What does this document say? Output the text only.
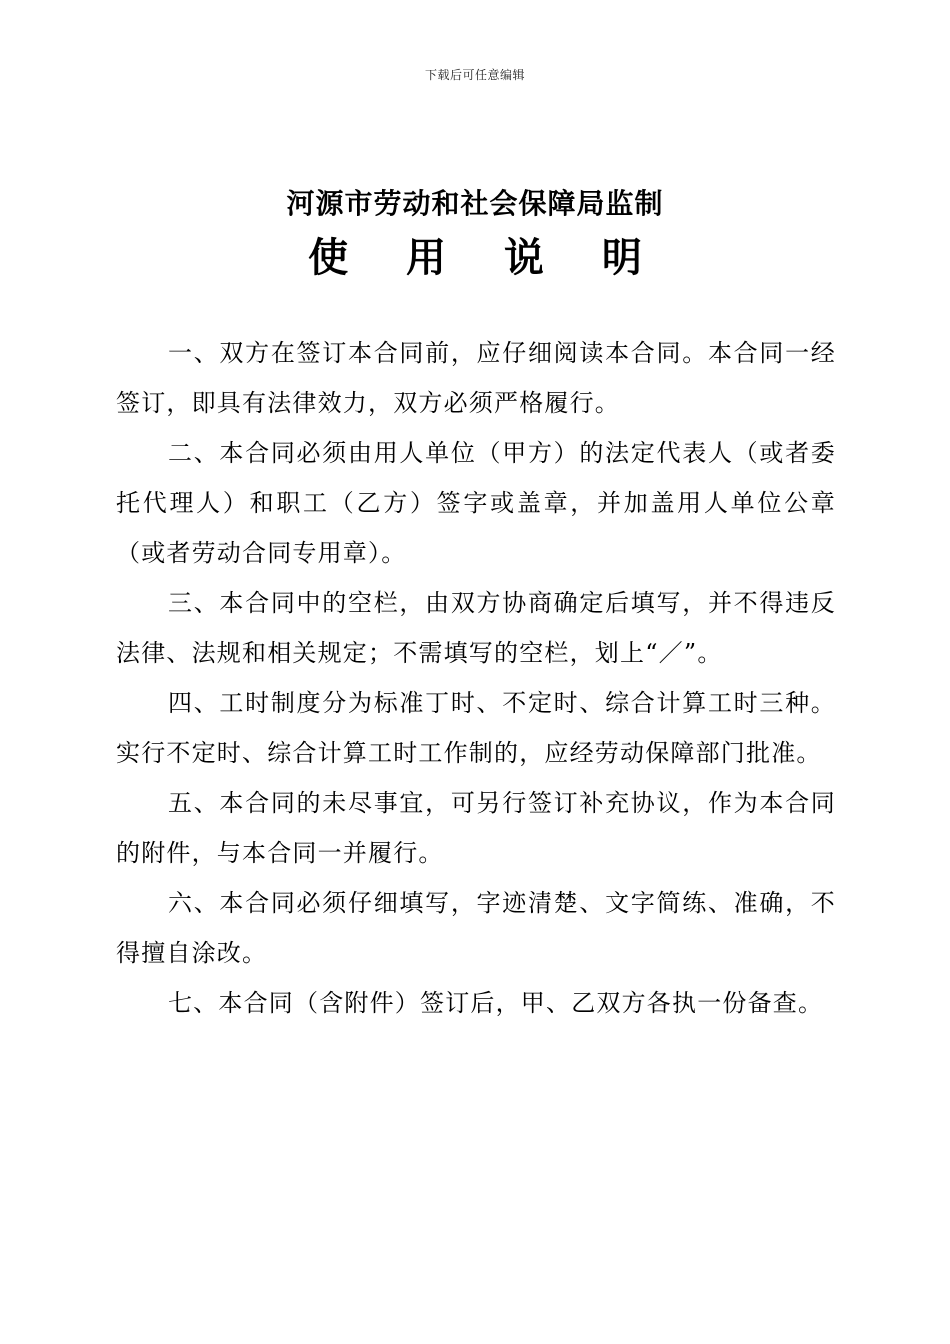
下载后可任意编辑
河源市劳动和社会保障局监制
使 用 说 明

一、双方在签订本合同前，应仔细阅读本合同。本合同一经签订，即具有法律效力，双方必须严格履行。

二、本合同必须由用人单位（甲方）的法定代表人（或者委托代理人）和职工（乙方）签字或盖章，并加盖用人单位公章（或者劳动合同专用章）。

三、本合同中的空栏，由双方协商确定后填写，并不得违反法律、法规和相关规定；不需填写的空栏，划上“／”。

四、工时制度分为标准丁时、不定时、综合计算工时三种。实行不定时、综合计算工时工作制的，应经劳动保障部门批准。

五、本合同的未尽事宜，可另行签订补充协议，作为本合同的附件，与本合同一并履行。

六、本合同必须仔细填写，字迹清楚、文字简练、准确，不得擅自涂改。

七、本合同（含附件）签订后，甲、乙双方各执一份备查。
